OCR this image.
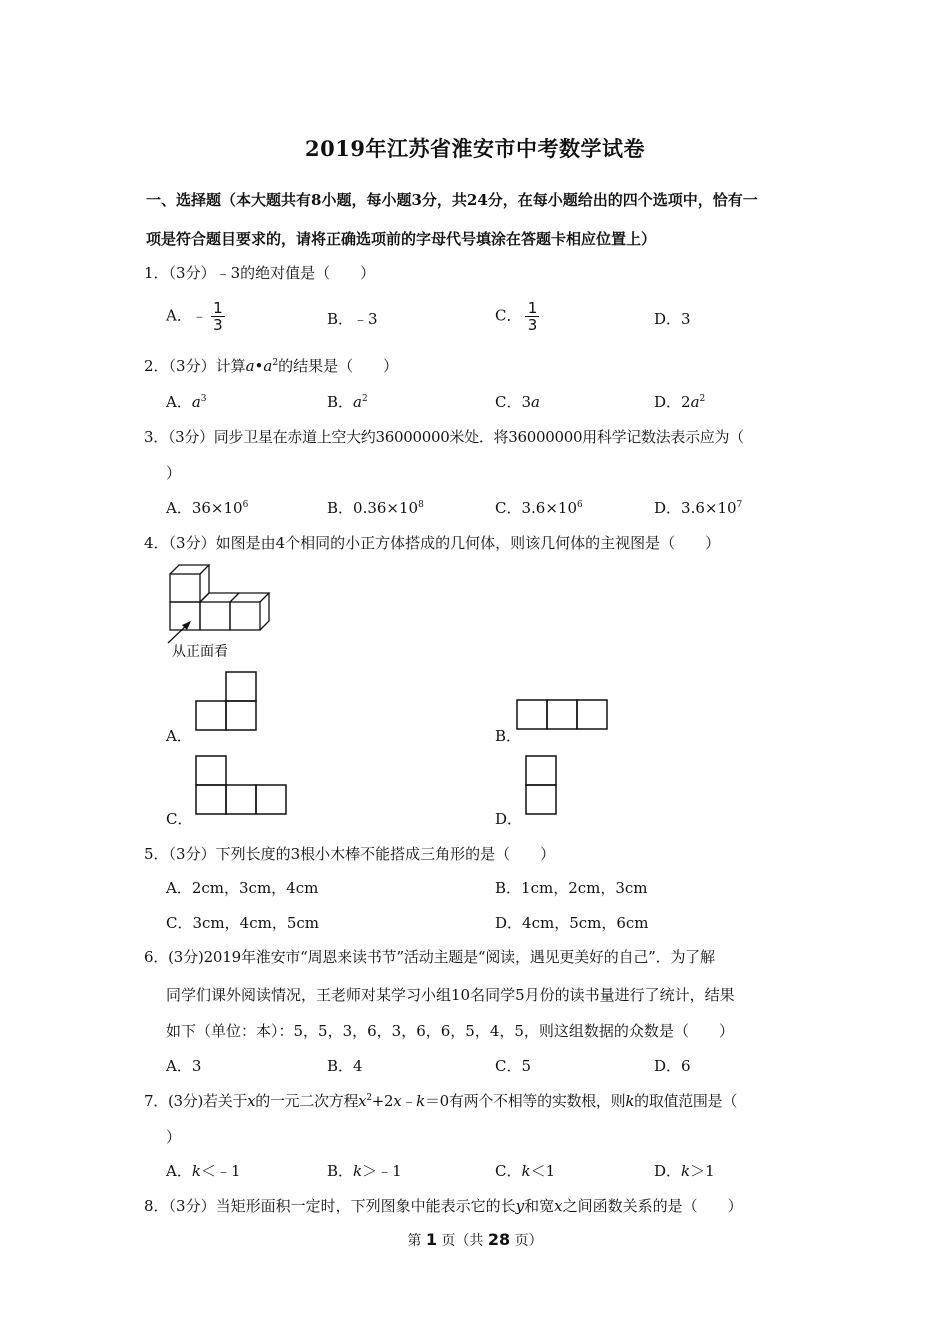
2019年江苏省淮安市中考数学试卷
一、选择题（本大题共有8小题，每小题3分，共24分，在每小题给出的四个选项中，恰有一
项是符合题目要求的，请将正确选项前的字母代号填涂在答题卡相应位置上）
1．（3分）﹣3的绝对值是（　　）
A．﹣ $\frac{1}{3}$	B．﹣3	C． $\frac{1}{3}$	D．3
2．（3分）计算$a•a^2$的结果是（　　）
A．$a^3$	B．$a^2$	C．3a	D．$2a^2$
3．（3分）同步卫星在赤道上空大约36000000米处．将36000000用科学记数法表示应为（
）
A．$36\times 10^6$	B．$0.36\times 10^8$	C．$3.6\times 10^6$	D．$3.6\times 10^7$
4．（3分）如图是由4个相同的小正方体搭成的几何体，则该几何体的主视图是（　　）
从正面看
A．	B．
C．	D．
5．（3分）下列长度的3根小木棒不能搭成三角形的是（　　）
A．2cm，3cm，4cm	B．1cm，2cm，3cm
C．3cm，4cm，5cm	D．4cm，5cm，6cm
6．(3分)2019年淮安市“周恩来读书节”活动主题是“阅读，遇见更美好的自己”．为了解
同学们课外阅读情况，王老师对某学习小组10名同学5月份的读书量进行了统计，结果
如下（单位：本）：5，5，3，6，3，6，6，5，4，5，则这组数据的众数是（　　）
A．3	B．4	C．5	D．6
7．(3分)若关于x的一元二次方程$x^2+2x﹣k=0$有两个不相等的实数根，则k的取值范围是（
）
A．k＜﹣1	B．k＞﹣1	C．k＜1	D．k＞1
8．（3分）当矩形面积一定时，下列图象中能表示它的长y和宽x之间函数关系的是（　　）
第 1 页（共 28 页）
